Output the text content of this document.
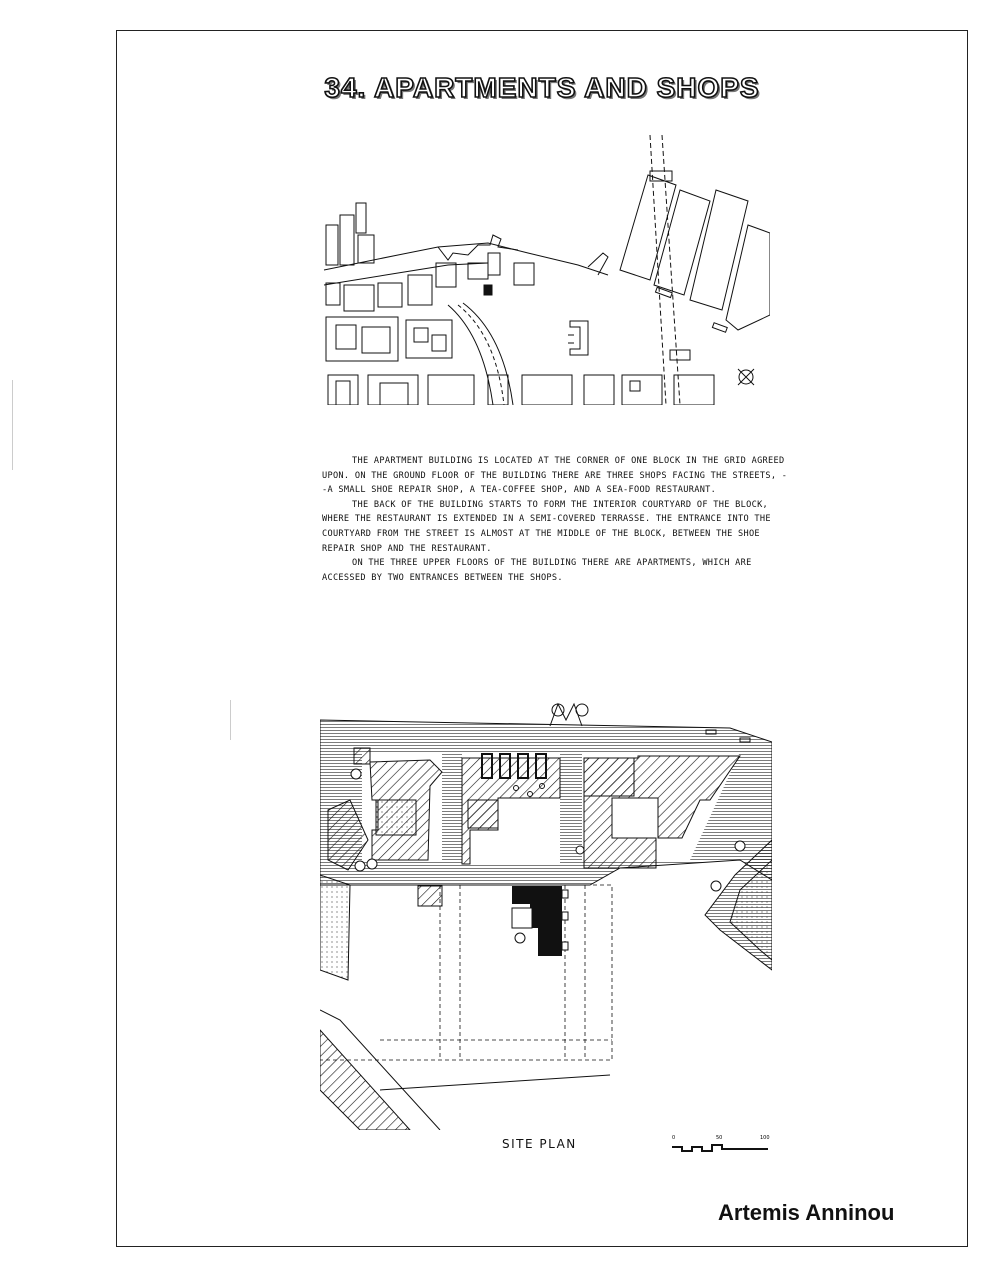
34. APARTMENTS AND SHOPS

THE APARTMENT BUILDING IS LOCATED AT THE CORNER OF ONE BLOCK IN THE GRID AGREED UPON. ON THE GROUND FLOOR OF THE BUILDING THERE ARE THREE SHOPS FACING THE STREETS, --A SMALL SHOE REPAIR SHOP, A TEA-COFFEE SHOP, AND A SEA-FOOD RESTAURANT.

THE BACK OF THE BUILDING STARTS TO FORM THE INTERIOR COURTYARD OF THE BLOCK, WHERE THE RESTAURANT IS EXTENDED IN A SEMI-COVERED TERRASSE. THE ENTRANCE INTO THE COURTYARD FROM THE STREET IS ALMOST AT THE MIDDLE OF THE BLOCK, BETWEEN THE SHOE REPAIR SHOP AND THE RESTAURANT.

ON THE THREE UPPER FLOORS OF THE BUILDING THERE ARE APARTMENTS, WHICH ARE ACCESSED BY TWO ENTRANCES BETWEEN THE SHOPS.

SITE PLAN	0	50	100
Artemis Anninou
